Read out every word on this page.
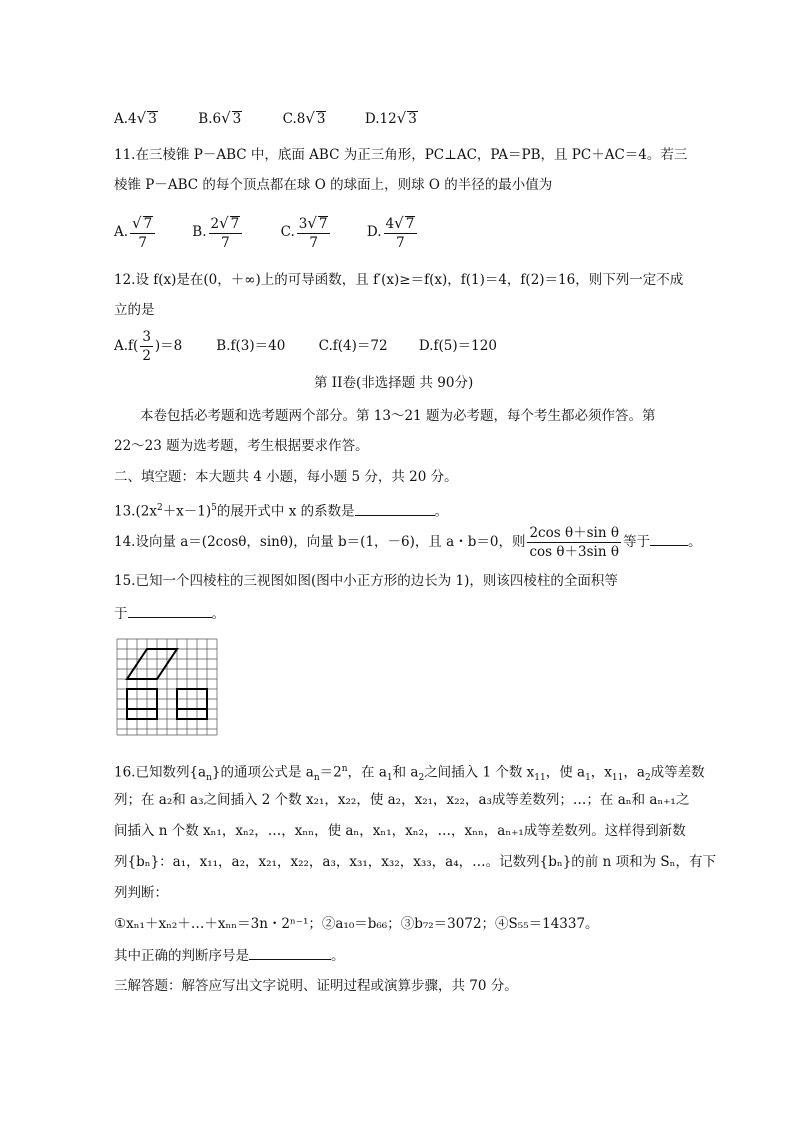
A.4√ 3	B.6√ 3	C.8√ 3	D.12√ 3
11.在三棱锥 P－ABC 中，底面 ABC 为正三角形，PC⊥AC，PA＝PB，且 PC＋AC＝4。若三
棱锥 P－ABC 的每个顶点都在球 O 的球面上，则球 O 的半径的最小值为
A. $\frac{√ 7}{7}$	B. $\frac{2√ 7}{7}$	C. $\frac{3√ 7}{7}$	D. $\frac{4√ 7}{7}$
12.设 f(x)是在(0，＋∞)上的可导函数，且 f′(x)≥＝f(x)，f(1)＝4，f(2)＝16，则下列一定不成
立的是
$A.f( \frac{3}{2} )=8$	B.f(3)＝40 C.f(4)＝72 D.f(5)＝120
第 II卷(非选择题 共 90分)
本卷包括必考题和选考题两个部分。第 13～21 题为必考题，每个考生都必须作答。第
22～23 题为选考题，考生根据要求作答。
二、填空题：本大题共 4 小题，每小题 5 分，共 20 分。
$13.(2x^2+x-1)^5$的展开式中 x 的系数是	。
14.设向量 a＝(2cosθ，sinθ)，向量 b＝(1，－6)，且 a・b＝0，则 $\frac{\text{2cos θ＋sin θ}}{\text{cos θ＋3sin θ}}$ 等于	。
15.已知一个四棱柱的三视图如图(图中小正方形的边长为 1)，则该四棱柱的全面积等
于	。
16.已知数列$\{a_n\}$的通项公式是 $a_n=2^n$，在 $a_1$和 $a_2$之间插入 1 个数 $x_{11}$，使 $a_1$，$x_{11}$，$a_2$成等差数
列；在 a₂和 a₃之间插入 2 个数 x₂₁，x₂₂，使 a₂，x₂₁，x₂₂，a₃成等差数列；…；在 aₙ和 aₙ₊₁之
间插入 n 个数 xₙ₁，xₙ₂，…，xₙₙ，使 aₙ，xₙ₁，xₙ₂，…，xₙₙ，aₙ₊₁成等差数列。这样得到新数
列{bₙ}：a₁，x₁₁，a₂，x₂₁，x₂₂，a₃，x₃₁，x₃₂，x₃₃，a₄，…。记数列{bₙ}的前 n 项和为 Sₙ，有下
列判断：
①xₙ₁＋xₙ₂＋…＋xₙₙ＝3n・2ⁿ⁻¹；②a₁₀＝b₆₆；③b₇₂＝3072；④S₅₅＝14337。
其中正确的判断序号是	。
三解答题：解答应写出文字说明、证明过程或演算步骤，共 70 分。
